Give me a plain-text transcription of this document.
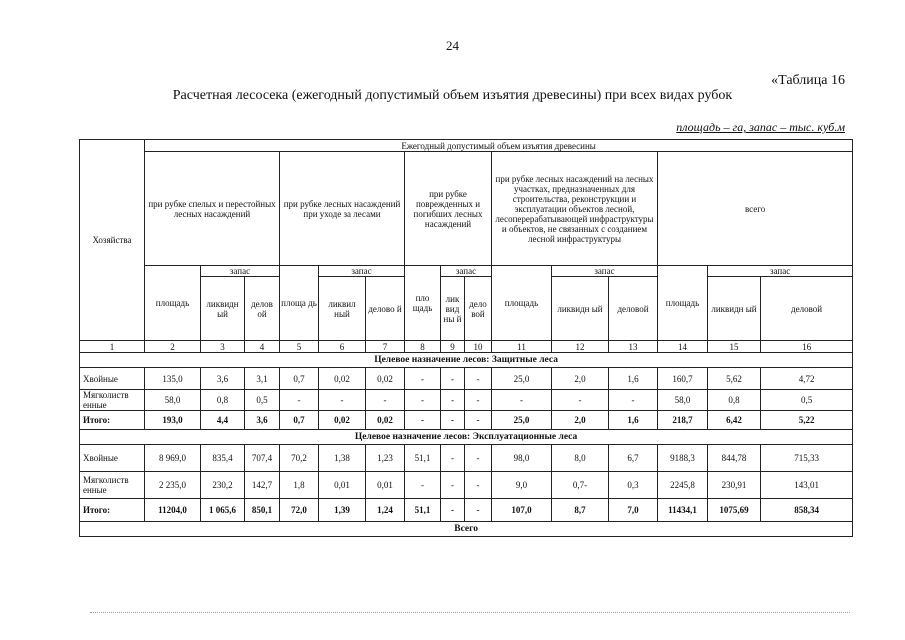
24
«Таблица 16
Расчетная лесосека (ежегодный допустимый объем изъятия древесины) при всех видах рубок
площадь – га, запас – тыс. куб.м
Хозяйства	Ежегодный допустимый объем изъятия древесины														
	при рубке спелых и перестойных лесных насаждений			при рубке лесных насаждений при уходе за лесами			при рубке поврежденных и погибших лесных насаждений			при рубке лесных насаждений на лесных участках, предназначенных для строительства, реконструкции и эксплуатации объектов лесной, лесоперерабатывающей инфраструктуры и объектов, не связанных с созданием лесной инфраструктуры			всего		
	площадь	запас		площа дь	запас		пло щадь	запас		площадь	запас		площадь	запас	
		ликвидн ый	делов ой		ликвил ный	делово й		лик вид ны й	дело вой		ликвидн ый	деловой		ликвидн ый	деловой
1	2	3	4	5	6	7	8	9	10	11	12	13	14	15	16
Целевое назначение лесов: Защитные леса															
Хвойные	135,0	3,6	3,1	0,7	0,02	0,02	-	-	-	25,0	2,0	1,6	160,7	5,62	4,72
Мягколиств енные	58,0	0,8	0,5	-	-	-	-	-	-	-	-	-	58,0	0,8	0,5
Итого:	193,0	4,4	3,6	0,7	0,02	0,02	-	-	-	25,0	2,0	1,6	218,7	6,42	5,22
Целевое назначение лесов: Эксплуатационные леса															
Хвойные	8 969,0	835,4	707,4	70,2	1,38	1,23	51,1	-	-	98,0	8,0	6,7	9188,3	844,78	715,33
Мягколиств енные	2 235,0	230,2	142,7	1,8	0,01	0,01	-	-	-	9,0	0,7-	0,3	2245,8	230,91	143,01
Итого:	11204,0	1 065,6	850,1	72,0	1,39	1,24	51,1	-	-	107,0	8,7	7,0	11434,1	1075,69	858,34
Всего															
